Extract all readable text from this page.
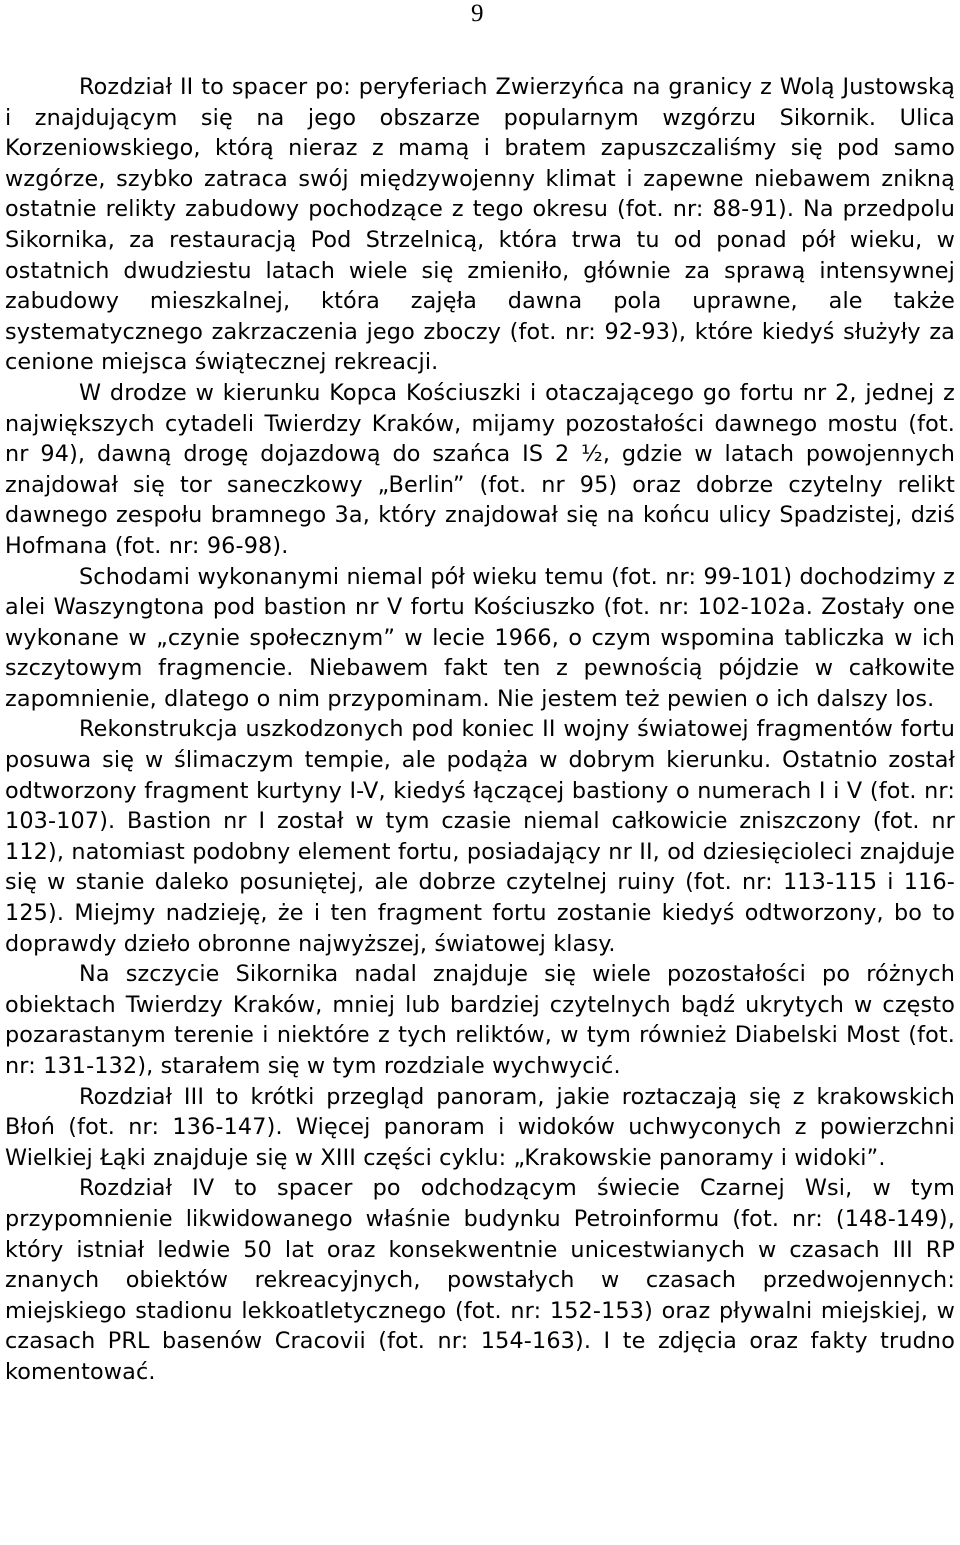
9

Rozdział II to spacer po: peryferiach Zwierzyńca na granicy z Wolą Justowską i znajdującym się na jego obszarze popularnym wzgórzu Sikornik. Ulica Korzeniowskiego, którą nieraz z mamą i bratem zapuszczaliśmy się pod samo wzgórze, szybko zatraca swój międzywojenny klimat i zapewne niebawem znikną ostatnie relikty zabudowy pochodzące z tego okresu (fot. nr: 88-91). Na przedpolu Sikornika, za restauracją Pod Strzelnicą, która trwa tu od ponad pół wieku, w ostatnich dwudziestu latach wiele się zmieniło, głównie za sprawą intensywnej zabudowy mieszkalnej, która zajęła dawna pola uprawne, ale także systematycznego zakrzaczenia jego zboczy (fot. nr: 92-93), które kiedyś służyły za cenione miejsca świątecznej rekreacji.

W drodze w kierunku Kopca Kościuszki i otaczającego go fortu nr 2, jednej z największych cytadeli Twierdzy Kraków, mijamy pozostałości dawnego mostu (fot. nr 94), dawną drogę dojazdową do szańca IS 2 ½, gdzie w latach powojennych znajdował się tor saneczkowy „Berlin” (fot. nr 95) oraz dobrze czytelny relikt dawnego zespołu bramnego 3a, który znajdował się na końcu ulicy Spadzistej, dziś Hofmana (fot. nr: 96-98).

Schodami wykonanymi niemal pół wieku temu (fot. nr: 99-101) dochodzimy z alei Waszyngtona pod bastion nr V fortu Kościuszko (fot. nr: 102-102a. Zostały one wykonane w „czynie społecznym” w lecie 1966, o czym wspomina tabliczka w ich szczytowym fragmencie. Niebawem fakt ten z pewnością pójdzie w całkowite zapomnienie, dlatego o nim przypominam. Nie jestem też pewien o ich dalszy los.

Rekonstrukcja uszkodzonych pod koniec II wojny światowej fragmentów fortu posuwa się w ślimaczym tempie, ale podąża w dobrym kierunku. Ostatnio został odtworzony fragment kurtyny I-V, kiedyś łączącej bastiony o numerach I i V (fot. nr: 103-107). Bastion nr I został w tym czasie niemal całkowicie zniszczony (fot. nr 112), natomiast podobny element fortu, posiadający nr II, od dziesięcioleci znajduje się w stanie daleko posuniętej, ale dobrze czytelnej ruiny (fot. nr: 113-115 i 116-125). Miejmy nadzieję, że i ten fragment fortu zostanie kiedyś odtworzony, bo to doprawdy dzieło obronne najwyższej, światowej klasy.

Na szczycie Sikornika nadal znajduje się wiele pozostałości po różnych obiektach Twierdzy Kraków, mniej lub bardziej czytelnych bądź ukrytych w często pozarastanym terenie i niektóre z tych reliktów, w tym również Diabelski Most (fot. nr: 131-132), starałem się w tym rozdziale wychwycić.

Rozdział III to krótki przegląd panoram, jakie roztaczają się z krakowskich Błoń (fot. nr: 136-147). Więcej panoram i widoków uchwyconych z powierzchni Wielkiej Łąki znajduje się w XIII części cyklu: „Krakowskie panoramy i widoki”.

Rozdział IV to spacer po odchodzącym świecie Czarnej Wsi, w tym przypomnienie likwidowanego właśnie budynku Petroinformu (fot. nr: (148-149), który istniał ledwie 50 lat oraz konsekwentnie unicestwianych w czasach III RP znanych obiektów rekreacyjnych, powstałych w czasach przedwojennych: miejskiego stadionu lekkoatletycznego (fot. nr: 152-153) oraz pływalni miejskiej, w czasach PRL basenów Cracovii (fot. nr: 154-163). I te zdjęcia oraz fakty trudno komentować.
